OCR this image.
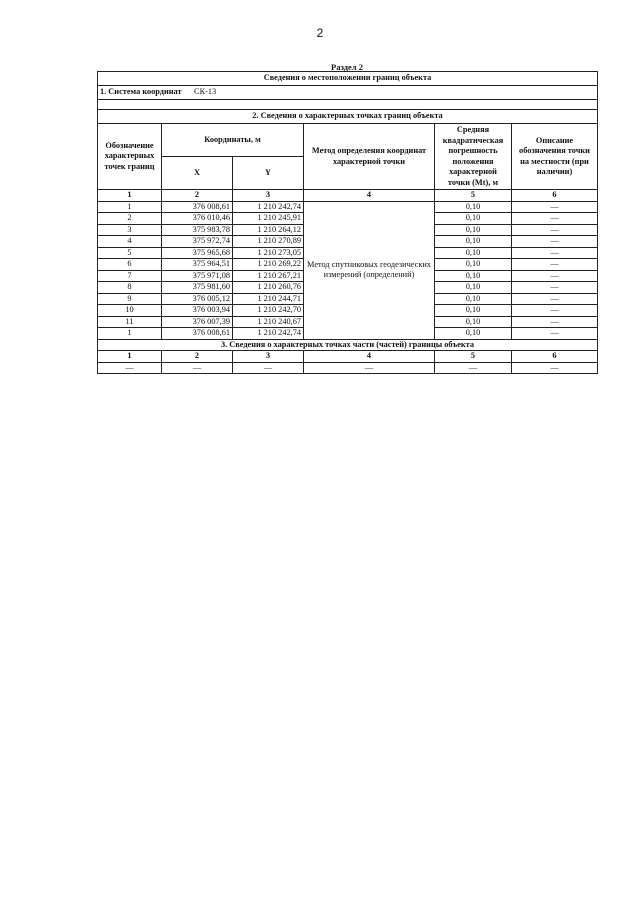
2
Раздел 2
Сведения о местоположении границ объекта					
1. Система координат СК-13					

2. Сведения о характерных точках границ объекта					
Обозначение характерных точек границ	Координаты, м		Метод определения координат характерной точки	Средняя квадратическая погрешность положения характерной точки (Mt), м	Описание обозначения точки на местности (при наличии)
	X	Y			
1	2	3	4	5	6
1	376 008,61	1 210 242,74	Метод спутниковых геодезических измерений (определений)	0,10	—
2	376 010,46	1 210 245,91		0,10	—
3	375 983,78	1 210 264,12		0,10	—
4	375 972,74	1 210 270,89		0,10	—
5	375 965,68	1 210 273,05		0,10	—
6	375 964,51	1 210 269,22		0,10	—
7	375 971,08	1 210 267,21		0,10	—
8	375 981,60	1 210 260,76		0,10	—
9	376 005,12	1 210 244,71		0,10	—
10	376 003,94	1 210 242,70		0,10	—
11	376 007,39	1 210 240,67		0,10	—
1	376 008,61	1 210 242,74		0,10	—
3. Сведения о характерных точках части (частей) границы объекта					
1	2	3	4	5	6
—	—	—	—	—	—
